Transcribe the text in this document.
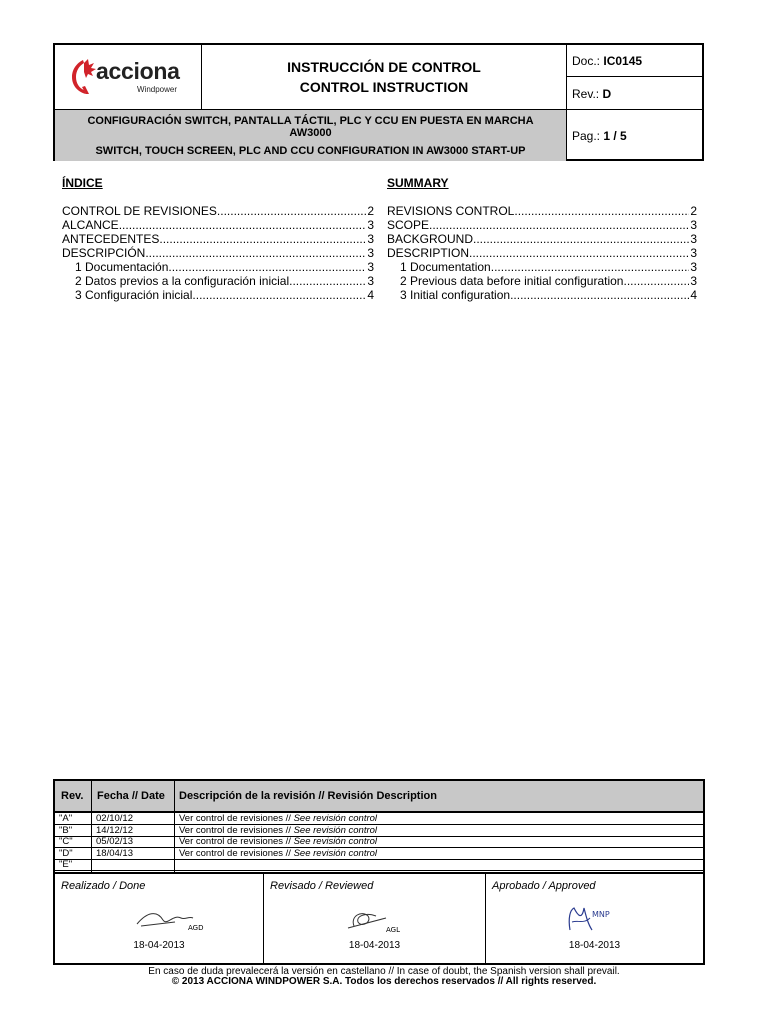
acciona
Windpower
INSTRUCCIÓN DE CONTROL
CONTROL INSTRUCTION
Doc.: IC0145
Rev.: D
CONFIGURACIÓN SWITCH, PANTALLA TÁCTIL, PLC Y CCU EN PUESTA EN MARCHA
AW3000
SWITCH, TOUCH SCREEN, PLC AND CCU CONFIGURATION IN AW3000 START-UP
Pag.: 1 / 5
ÍNDICE
CONTROL DE REVISIONES .....	2
ALCANCE .....	3
ANTECEDENTES .....	3
DESCRIPCIÓN .....	3
1 Documentación .....	3
2 Datos previos a la configuración inicial .....	3
3 Configuración inicial .....	4
SUMMARY
REVISIONS CONTROL .....	2
SCOPE .....	3
BACKGROUND .....	3
DESCRIPTION .....	3
1 Documentation .....	3
2 Previous data before initial configuration .....	3
3 Initial configuration .....	4
Rev. Fecha // Date Descripción de la revisión // Revisión Description
"A"	02/10/12	Ver control de revisiones // See revisión control
"B"	14/12/12	Ver control de revisiones // See revisión control
"C" 05/02/13	Ver control de revisiones // See revisión control
"D" 18/04/13	Ver control de revisiones // See revisión control
"E"
Realizado / Done
AGD
18-04-2013
Revisado / Reviewed
AGL
18-04-2013
Aprobado / Approved
MNP
18-04-2013
En caso de duda prevalecerá la versión en castellano // In case of doubt, the Spanish version shall prevail.
© 2013 ACCIONA WINDPOWER S.A. Todos los derechos reservados // All rights reserved.
